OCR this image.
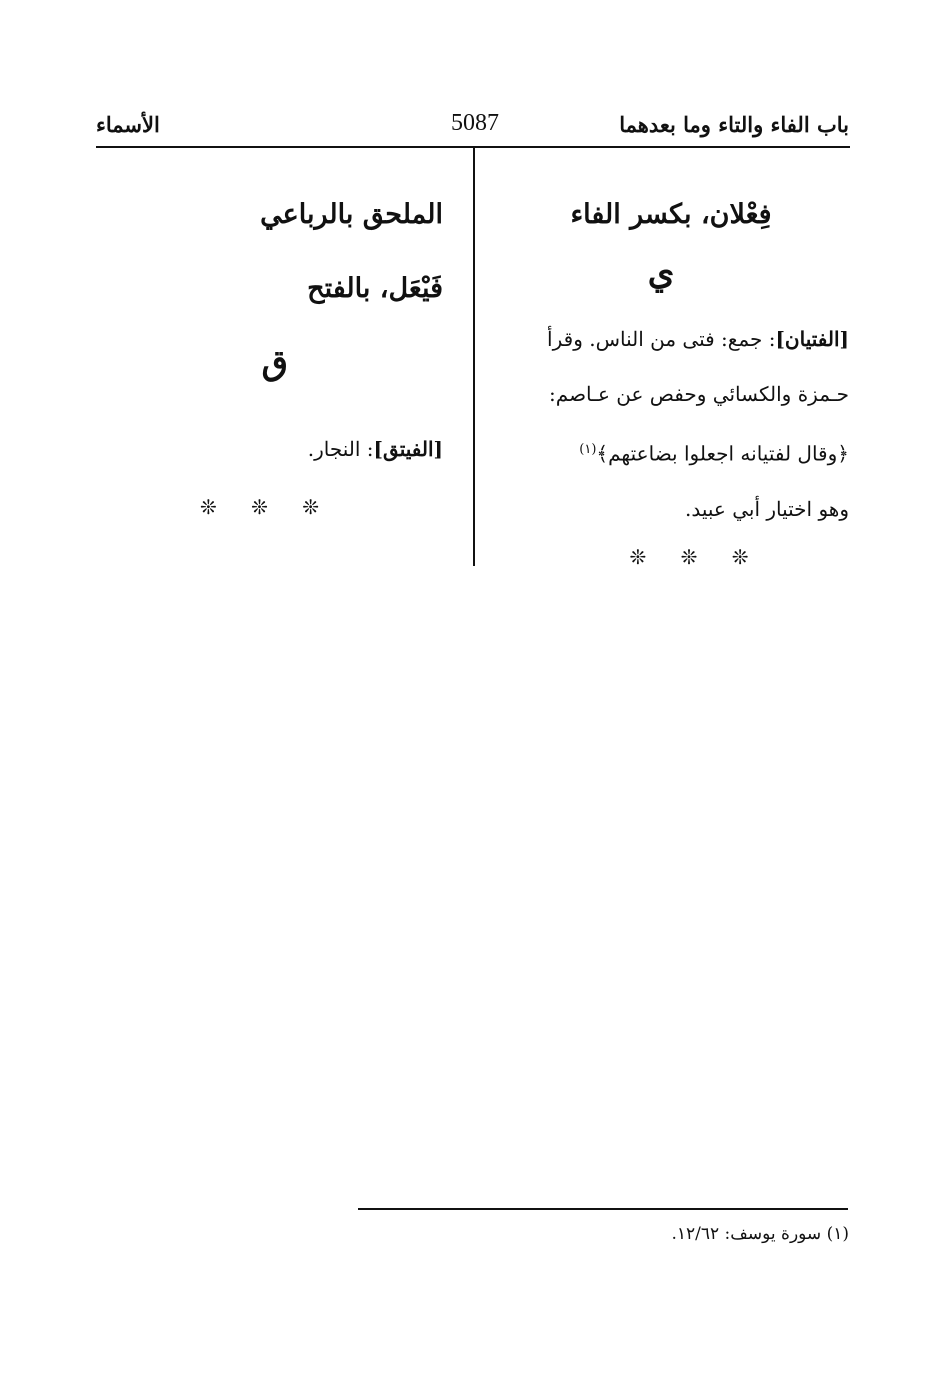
باب الفاء والتاء وما بعدهما
5087
الأسماء
فِعْلان، بكسر الفاء
ي
[الفتيان]: جمع: فتى من الناس. وقرأ
حـمزة والكسائي وحفص عن عـاصم:
﴿وقال لفتيانه اجعلوا بضاعتهم﴾$^{(١)}$
وهو اختيار أبي عبيد.
❊ ❊ ❊
الملحق بالرباعي
فَيْعَل، بالفتح
ق
[الفيتق]: النجار.
❊ ❊ ❊
(١) سورة يوسف: ١٢/٦٢.
